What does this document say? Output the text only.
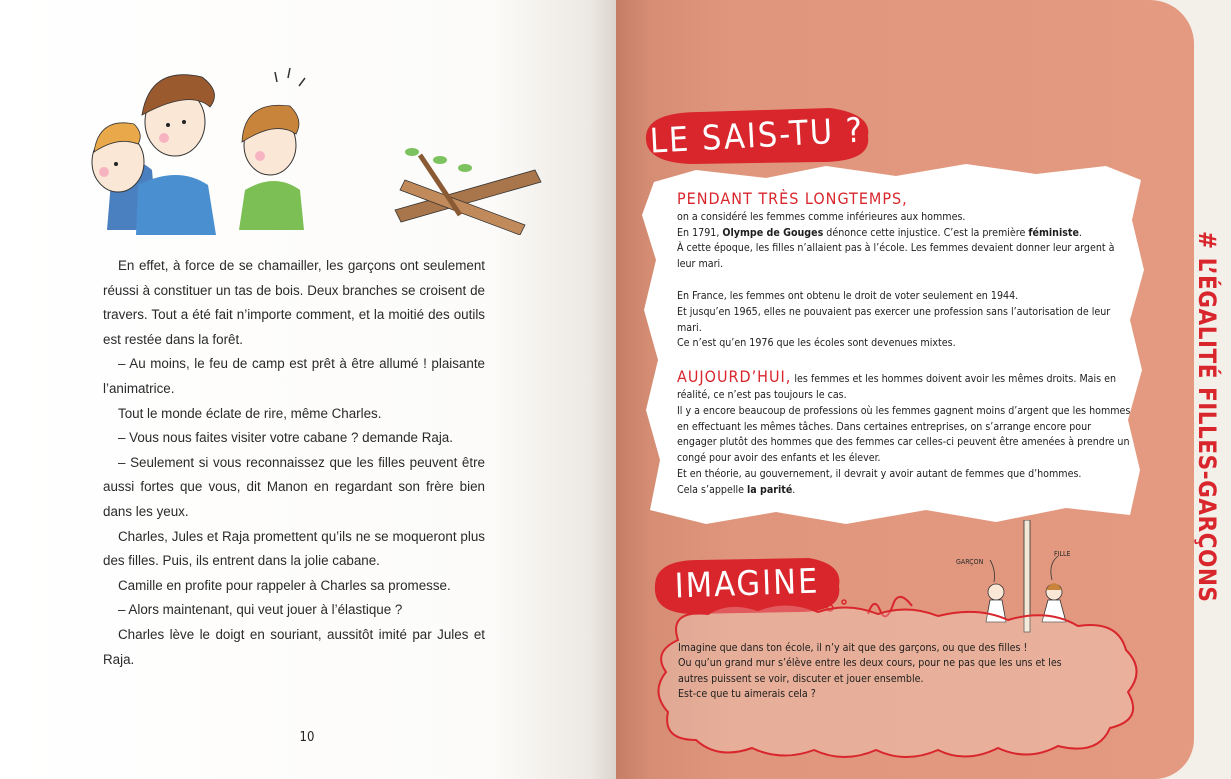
En effet, à force de se chamailler, les garçons ont seulement réussi à constituer un tas de bois. Deux branches se croisent de travers. Tout a été fait n’importe comment, et la moitié des outils est restée dans la forêt.

– Au moins, le feu de camp est prêt à être allumé ! plaisante l’animatrice.

Tout le monde éclate de rire, même Charles.

– Vous nous faites visiter votre cabane ? demande Raja.

– Seulement si vous reconnaissez que les filles peuvent être aussi fortes que vous, dit Manon en regardant son frère bien dans les yeux.

Charles, Jules et Raja promettent qu’ils ne se moqueront plus des filles. Puis, ils entrent dans la jolie cabane.

Camille en profite pour rappeler à Charles sa promesse.

– Alors maintenant, qui veut jouer à l’élastique ?

Charles lève le doigt en souriant, aussitôt imité par Jules et Raja.

10
# L’ÉGALITÉ FILLES-GARÇONS
LE SAIS-TU ?

PENDANT TRÈS LONGTEMPS,

on a considéré les femmes comme inférieures aux hommes.

En 1791, Olympe de Gouges dénonce cette injustice. C’est la première féministe.

À cette époque, les filles n’allaient pas à l’école. Les femmes devaient donner leur argent à leur mari.

En France, les femmes ont obtenu le droit de voter seulement en 1944.

Et jusqu’en 1965, elles ne pouvaient pas exercer une profession sans l’autorisation de leur mari.

Ce n’est qu’en 1976 que les écoles sont devenues mixtes.

AUJOURD’HUI, les femmes et les hommes doivent avoir les mêmes droits. Mais en réalité, ce n’est pas toujours le cas.

Il y a encore beaucoup de professions où les femmes gagnent moins d’argent que les hommes en effectuant les mêmes tâches. Dans certaines entreprises, on s’arrange encore pour engager plutôt des hommes que des femmes car celles-ci peuvent être amenées à prendre un congé pour avoir des enfants et les élever.

Et en théorie, au gouvernement, il devrait y avoir autant de femmes que d’hommes.

Cela s’appelle la parité.

IMAGINE	GARÇON
FILLE

Imagine que dans ton école, il n’y ait que des garçons, ou que des filles !

Ou qu’un grand mur s’élève entre les deux cours, pour ne pas que les uns et les autres puissent se voir, discuter et jouer ensemble.

Est-ce que tu aimerais cela ?
